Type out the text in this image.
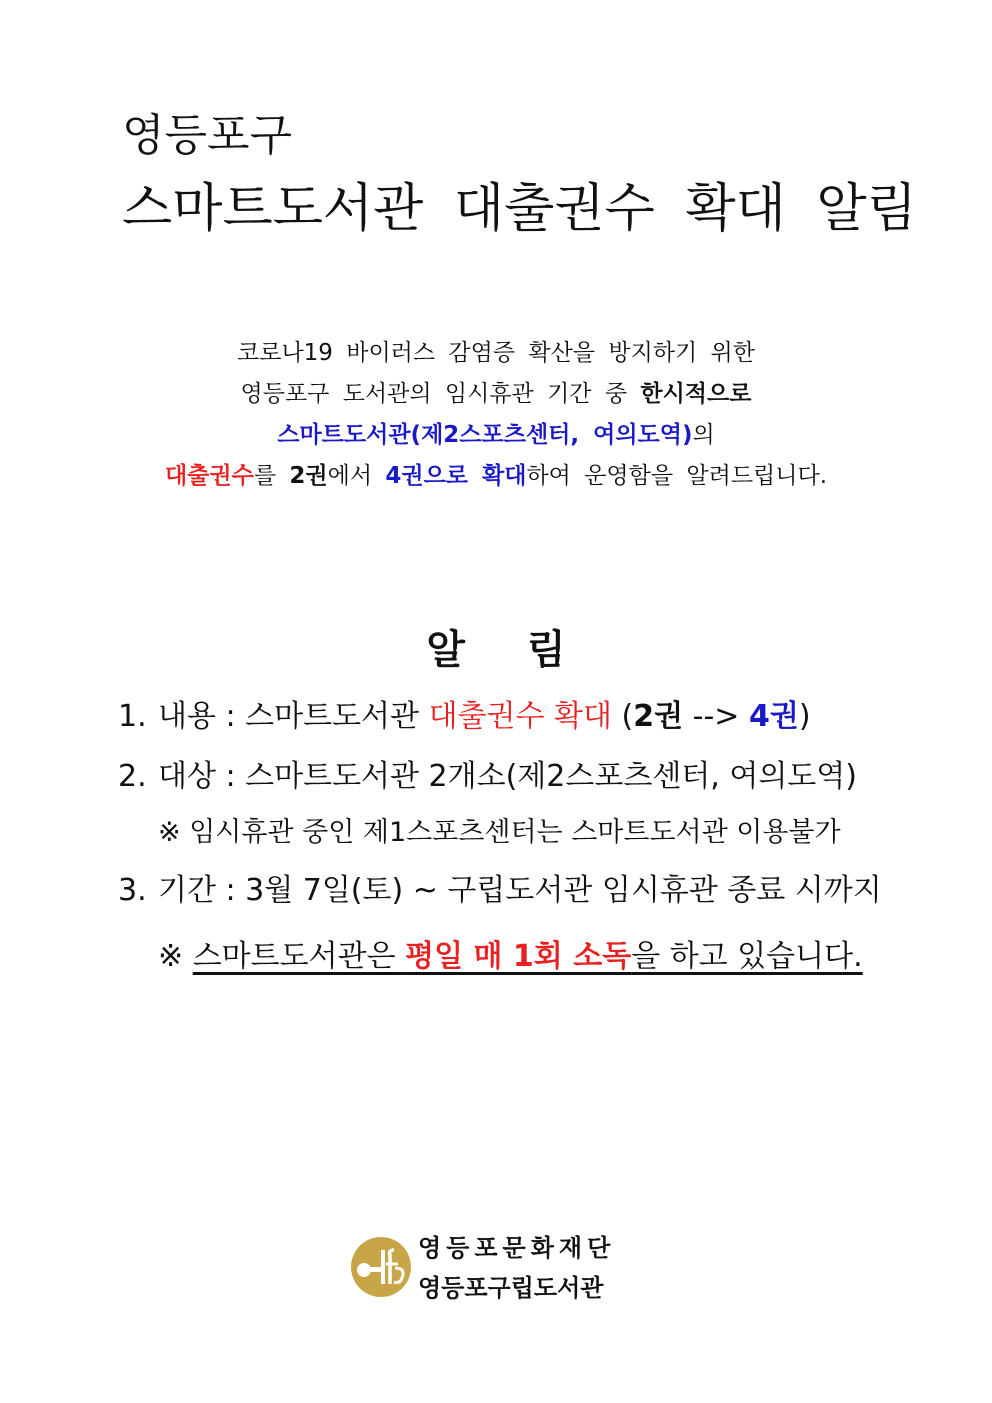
영등포구
스마트도서관 대출권수 확대 알림

코로나19 바이러스 감염증 확산을 방지하기 위한

영등포구 도서관의 임시휴관 기간 중 한시적으로

스마트도서관(제2스포츠센터, 여의도역)의

대출권수를 2권에서 4권으로 확대하여 운영함을 알려드립니다.

알 림
1. 내용 : 스마트도서관 대출권수 확대 (2권 --> 4권)
2. 대상 : 스마트도서관 2개소(제2스포츠센터, 여의도역)
※ 임시휴관 중인 제1스포츠센터는 스마트도서관 이용불가
3. 기간 : 3월 7일(토) ~ 구립도서관 임시휴관 종료 시까지
※ 스마트도서관은 평일 매 1회 소독을 하고 있습니다.
영등포문화재단
영등포구립도서관
